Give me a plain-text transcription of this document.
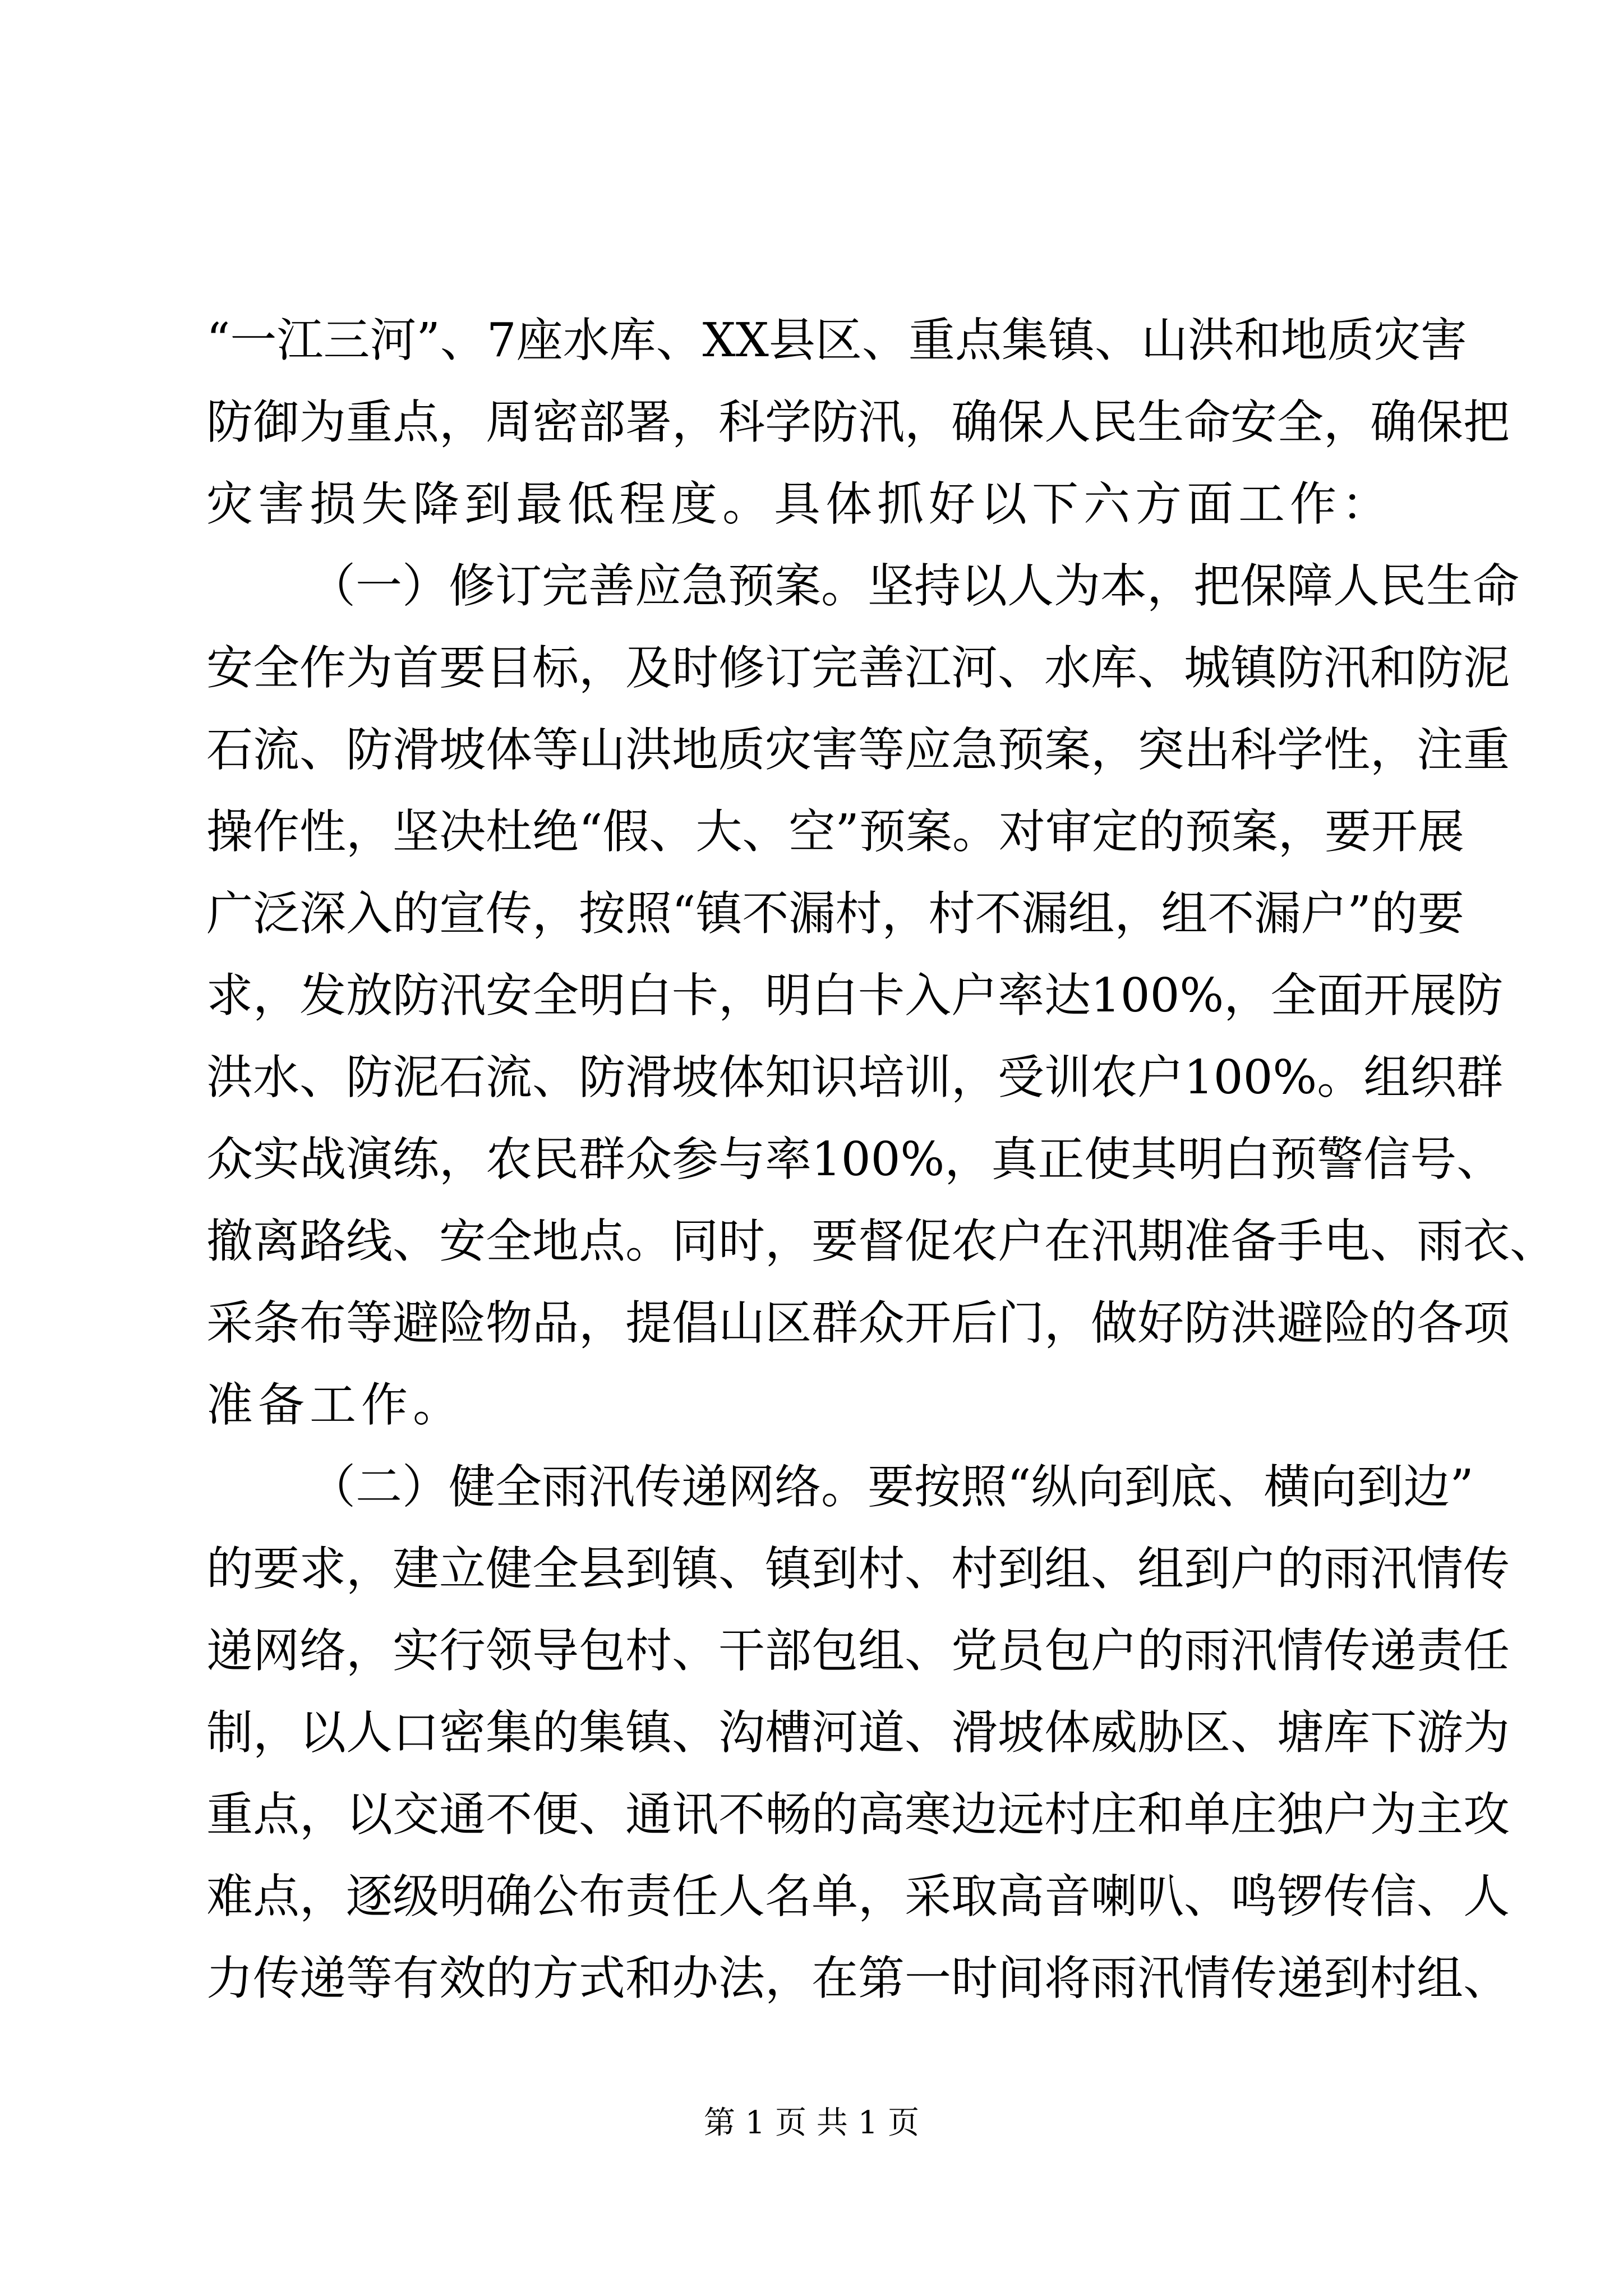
“一江三河”、7座水库、XX县区、重点集镇、山洪和地质灾害
防御为重点，周密部署，科学防汛，确保人民生命安全，确保把
灾害损失降到最低程度。具体抓好以下六方面工作：
（一）修订完善应急预案。坚持以人为本，把保障人民生命
安全作为首要目标，及时修订完善江河、水库、城镇防汛和防泥
石流、防滑坡体等山洪地质灾害等应急预案，突出科学性，注重
操作性，坚决杜绝“假、大、空”预案。对审定的预案，要开展
广泛深入的宣传，按照“镇不漏村，村不漏组，组不漏户”的要
求，发放防汛安全明白卡，明白卡入户率达100%，全面开展防
洪水、防泥石流、防滑坡体知识培训，受训农户100%。组织群
众实战演练，农民群众参与率100%，真正使其明白预警信号、
撤离路线、安全地点。同时，要督促农户在汛期准备手电、雨衣、
采条布等避险物品，提倡山区群众开后门，做好防洪避险的各项
准备工作。
（二）健全雨汛传递网络。要按照“纵向到底、横向到边”
的要求，建立健全县到镇、镇到村、村到组、组到户的雨汛情传
递网络，实行领导包村、干部包组、党员包户的雨汛情传递责任
制，以人口密集的集镇、沟槽河道、滑坡体威胁区、塘库下游为
重点，以交通不便、通讯不畅的高寒边远村庄和单庄独户为主攻
难点，逐级明确公布责任人名单，采取高音喇叭、鸣锣传信、人
力传递等有效的方式和办法，在第一时间将雨汛情传递到村组、
第 1 页 共 1 页
